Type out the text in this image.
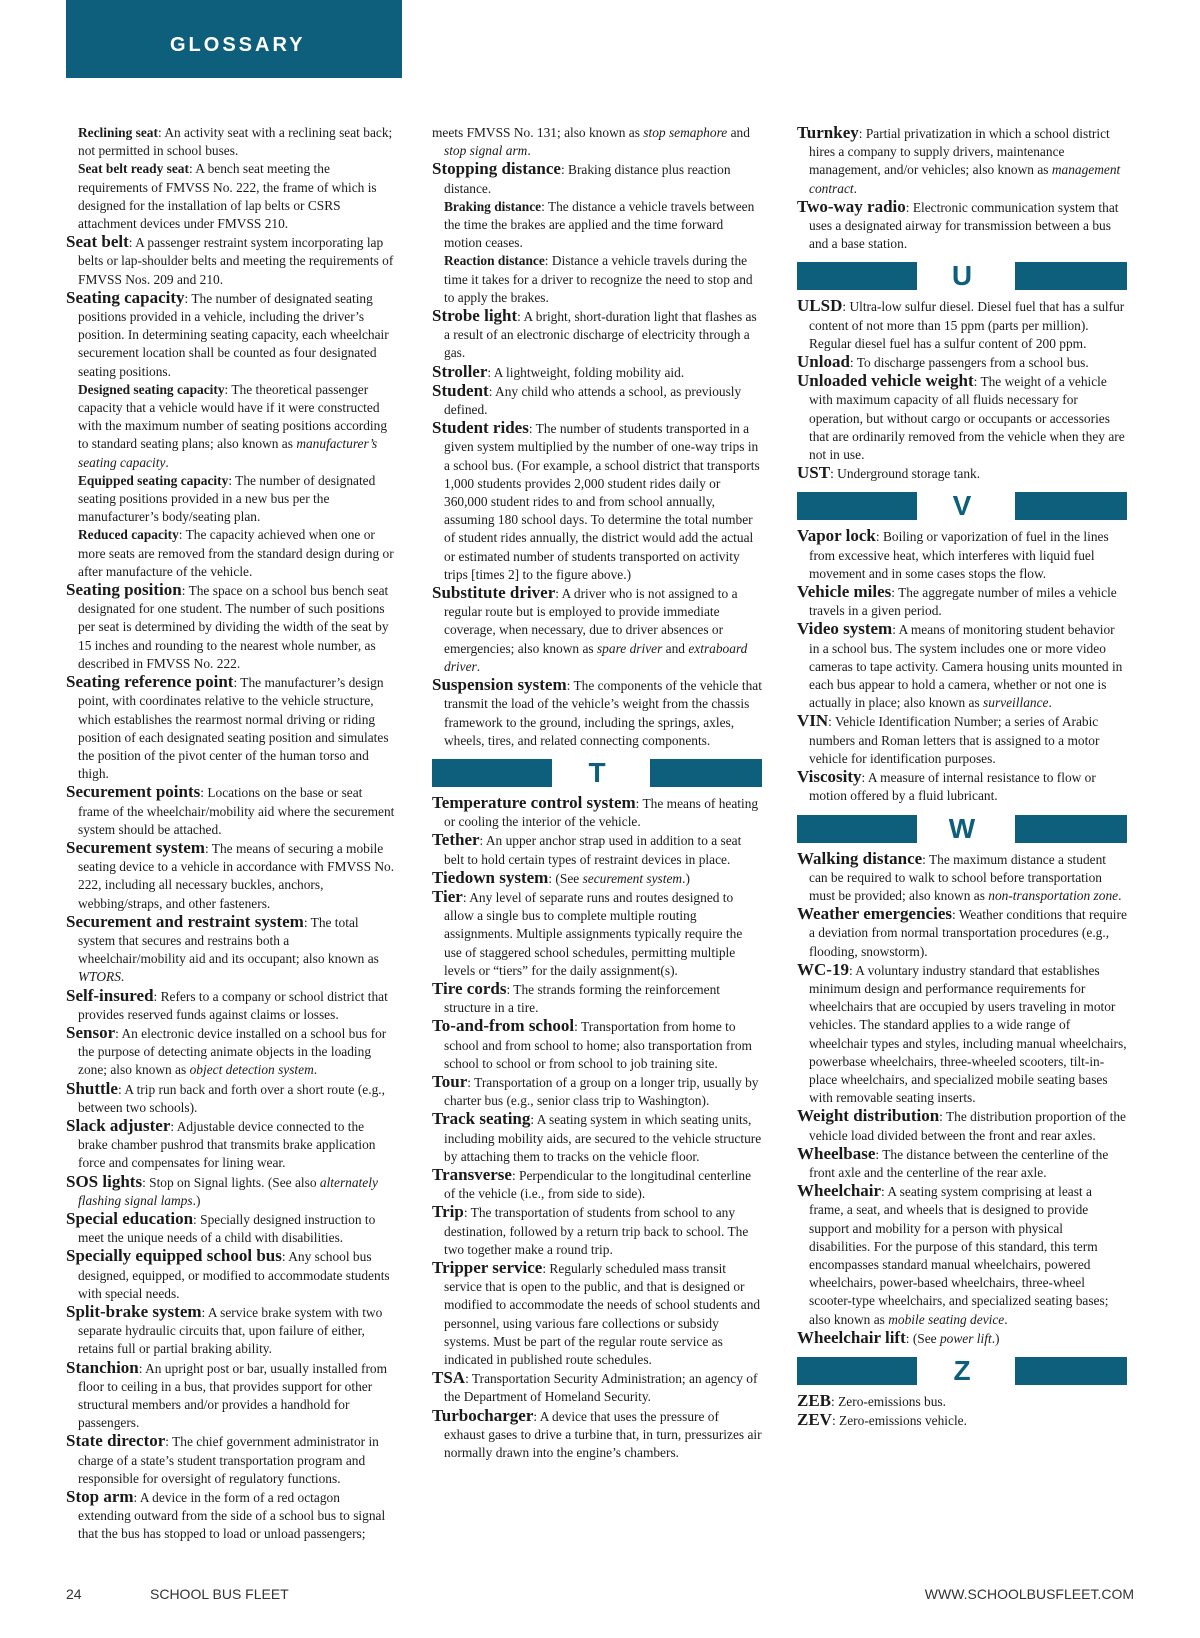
GLOSSARY

Reclining seat: An activity seat with a reclining seat back; not permitted in school buses.

Seat belt ready seat: A bench seat meeting the requirements of FMVSS No. 222, the frame of which is designed for the installation of lap belts or CSRS attachment devices under FMVSS 210.

Seat belt: A passenger restraint system incorporating lap belts or lap-shoulder belts and meeting the requirements of FMVSS Nos. 209 and 210.

Seating capacity: The number of designated seating positions provided in a vehicle, including the driver’s position. In determining seating capacity, each wheelchair securement location shall be counted as four designated seating positions.

Designed seating capacity: The theoretical passenger capacity that a vehicle would have if it were constructed with the maximum number of seating positions according to standard seating plans; also known as manufacturer’s seating capacity.

Equipped seating capacity: The number of designated seating positions provided in a new bus per the manufacturer’s body/seating plan.

Reduced capacity: The capacity achieved when one or more seats are removed from the standard design during or after manufacture of the vehicle.

Seating position: The space on a school bus bench seat designated for one student. The number of such positions per seat is determined by dividing the width of the seat by 15 inches and rounding to the nearest whole number, as described in FMVSS No. 222.

Seating reference point: The manufacturer’s design point, with coordinates relative to the vehicle structure, which establishes the rearmost normal driving or riding position of each designated seating position and simulates the position of the pivot center of the human torso and thigh.

Securement points: Locations on the base or seat frame of the wheelchair/mobility aid where the securement system should be attached.

Securement system: The means of securing a mobile seating device to a vehicle in accordance with FMVSS No. 222, including all necessary buckles, anchors, webbing/straps, and other fasteners.

Securement and restraint system: The total system that secures and restrains both a wheelchair/mobility aid and its occupant; also known as WTORS.

Self-insured: Refers to a company or school district that provides reserved funds against claims or losses.

Sensor: An electronic device installed on a school bus for the purpose of detecting animate objects in the loading zone; also known as object detection system.

Shuttle: A trip run back and forth over a short route (e.g., between two schools).

Slack adjuster: Adjustable device connected to the brake chamber pushrod that transmits brake application force and compensates for lining wear.

SOS lights: Stop on Signal lights. (See also alternately flashing signal lamps.)

Special education: Specially designed instruction to meet the unique needs of a child with disabilities.

Specially equipped school bus: Any school bus designed, equipped, or modified to accommodate students with special needs.

Split-brake system: A service brake system with two separate hydraulic circuits that, upon failure of either, retains full or partial braking ability.

Stanchion: An upright post or bar, usually installed from floor to ceiling in a bus, that provides support for other structural members and/or provides a handhold for passengers.

State director: The chief government administrator in charge of a state’s student transportation program and responsible for oversight of regulatory functions.

Stop arm: A device in the form of a red octagon extending outward from the side of a school bus to signal that the bus has stopped to load or unload passengers;

meets FMVSS No. 131; also known as stop semaphore and stop signal arm.

Stopping distance: Braking distance plus reaction distance.

Braking distance: The distance a vehicle travels between the time the brakes are applied and the time forward motion ceases.

Reaction distance: Distance a vehicle travels during the time it takes for a driver to recognize the need to stop and to apply the brakes.

Strobe light: A bright, short-duration light that flashes as a result of an electronic discharge of electricity through a gas.

Stroller: A lightweight, folding mobility aid.

Student: Any child who attends a school, as previously defined.

Student rides: The number of students transported in a given system multiplied by the number of one-way trips in a school bus. (For example, a school district that transports 1,000 students provides 2,000 student rides daily or 360,000 student rides to and from school annually, assuming 180 school days. To determine the total number of student rides annually, the district would add the actual or estimated number of students transported on activity trips [times 2] to the figure above.)

Substitute driver: A driver who is not assigned to a regular route but is employed to provide immediate coverage, when necessary, due to driver absences or emergencies; also known as spare driver and extraboard driver.

Suspension system: The components of the vehicle that transmit the load of the vehicle’s weight from the chassis framework to the ground, including the springs, axles, wheels, tires, and related connecting components.

T

Temperature control system: The means of heating or cooling the interior of the vehicle.

Tether: An upper anchor strap used in addition to a seat belt to hold certain types of restraint devices in place.

Tiedown system: (See securement system.)

Tier: Any level of separate runs and routes designed to allow a single bus to complete multiple routing assignments. Multiple assignments typically require the use of staggered school schedules, permitting multiple levels or “tiers” for the daily assignment(s).

Tire cords: The strands forming the reinforcement structure in a tire.

To-and-from school: Transportation from home to school and from school to home; also transportation from school to school or from school to job training site.

Tour: Transportation of a group on a longer trip, usually by charter bus (e.g., senior class trip to Washington).

Track seating: A seating system in which seating units, including mobility aids, are secured to the vehicle structure by attaching them to tracks on the vehicle floor.

Transverse: Perpendicular to the longitudinal centerline of the vehicle (i.e., from side to side).

Trip: The transportation of students from school to any destination, followed by a return trip back to school. The two together make a round trip.

Tripper service: Regularly scheduled mass transit service that is open to the public, and that is designed or modified to accommodate the needs of school students and personnel, using various fare collections or subsidy systems. Must be part of the regular route service as indicated in published route schedules.

TSA: Transportation Security Administration; an agency of the Department of Homeland Security.

Turbocharger: A device that uses the pressure of exhaust gases to drive a turbine that, in turn, pressurizes air normally drawn into the engine’s chambers.

Turnkey: Partial privatization in which a school district hires a company to supply drivers, maintenance management, and/or vehicles; also known as management contract.

Two-way radio: Electronic communication system that uses a designated airway for transmission between a bus and a base station.

U

ULSD: Ultra-low sulfur diesel. Diesel fuel that has a sulfur content of not more than 15 ppm (parts per million). Regular diesel fuel has a sulfur content of 200 ppm.

Unload: To discharge passengers from a school bus.

Unloaded vehicle weight: The weight of a vehicle with maximum capacity of all fluids necessary for operation, but without cargo or occupants or accessories that are ordinarily removed from the vehicle when they are not in use.

UST: Underground storage tank.

V

Vapor lock: Boiling or vaporization of fuel in the lines from excessive heat, which interferes with liquid fuel movement and in some cases stops the flow.

Vehicle miles: The aggregate number of miles a vehicle travels in a given period.

Video system: A means of monitoring student behavior in a school bus. The system includes one or more video cameras to tape activity. Camera housing units mounted in each bus appear to hold a camera, whether or not one is actually in place; also known as surveillance.

VIN: Vehicle Identification Number; a series of Arabic numbers and Roman letters that is assigned to a motor vehicle for identification purposes.

Viscosity: A measure of internal resistance to flow or motion offered by a fluid lubricant.

W

Walking distance: The maximum distance a student can be required to walk to school before transportation must be provided; also known as non-transportation zone.

Weather emergencies: Weather conditions that require a deviation from normal transportation procedures (e.g., flooding, snowstorm).

WC-19: A voluntary industry standard that establishes minimum design and performance requirements for wheelchairs that are occupied by users traveling in motor vehicles. The standard applies to a wide range of wheelchair types and styles, including manual wheelchairs, powerbase wheelchairs, three-wheeled scooters, tilt-in-place wheelchairs, and specialized mobile seating bases with removable seating inserts.

Weight distribution: The distribution proportion of the vehicle load divided between the front and rear axles.

Wheelbase: The distance between the centerline of the front axle and the centerline of the rear axle.

Wheelchair: A seating system comprising at least a frame, a seat, and wheels that is designed to provide support and mobility for a person with physical disabilities. For the purpose of this standard, this term encompasses standard manual wheelchairs, powered wheelchairs, power-based wheelchairs, three-wheel scooter-type wheelchairs, and specialized seating bases; also known as mobile seating device.

Wheelchair lift: (See power lift.)

Z

ZEB: Zero-emissions bus.

ZEV: Zero-emissions vehicle.

24	SCHOOL BUS FLEET	WWW.SCHOOLBUSFLEET.COM
